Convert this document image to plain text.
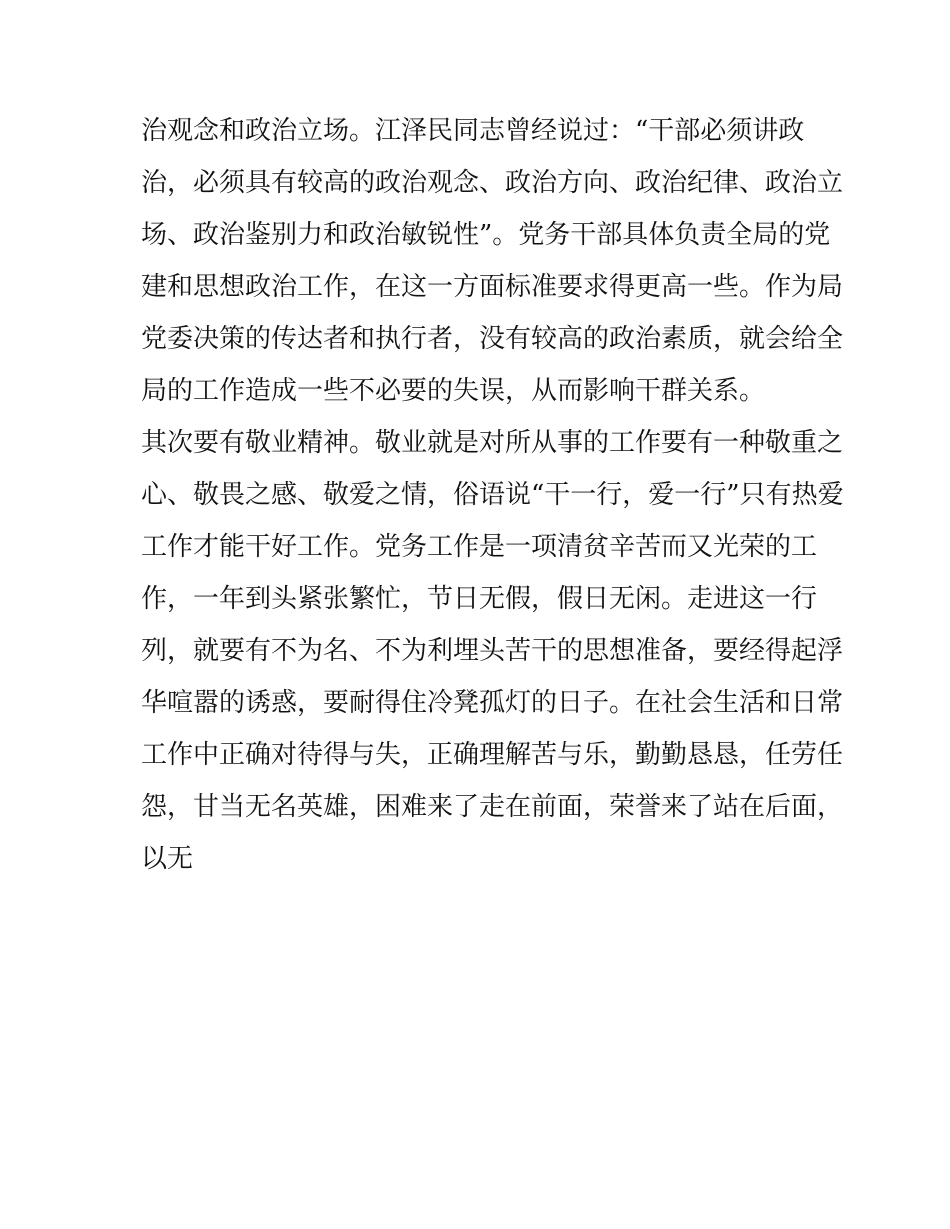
治观念和政治立场。江泽民同志曾经说过：“干部必须讲政
治，必须具有较高的政治观念、政治方向、政治纪律、政治立
场、政治鉴别力和政治敏锐性”。党务干部具体负责全局的党
建和思想政治工作，在这一方面标准要求得更高一些。作为局
党委决策的传达者和执行者，没有较高的政治素质，就会给全
局的工作造成一些不必要的失误，从而影响干群关系。
其次要有敬业精神。敬业就是对所从事的工作要有一种敬重之
心、敬畏之感、敬爱之情，俗语说“干一行，爱一行”只有热爱
工作才能干好工作。党务工作是一项清贫辛苦而又光荣的工
作，一年到头紧张繁忙，节日无假，假日无闲。走进这一行
列，就要有不为名、不为利埋头苦干的思想准备，要经得起浮
华喧嚣的诱惑，要耐得住冷凳孤灯的日子。在社会生活和日常
工作中正确对待得与失，正确理解苦与乐，勤勤恳恳，任劳任
怨，甘当无名英雄，困难来了走在前面，荣誉来了站在后面，
以无
